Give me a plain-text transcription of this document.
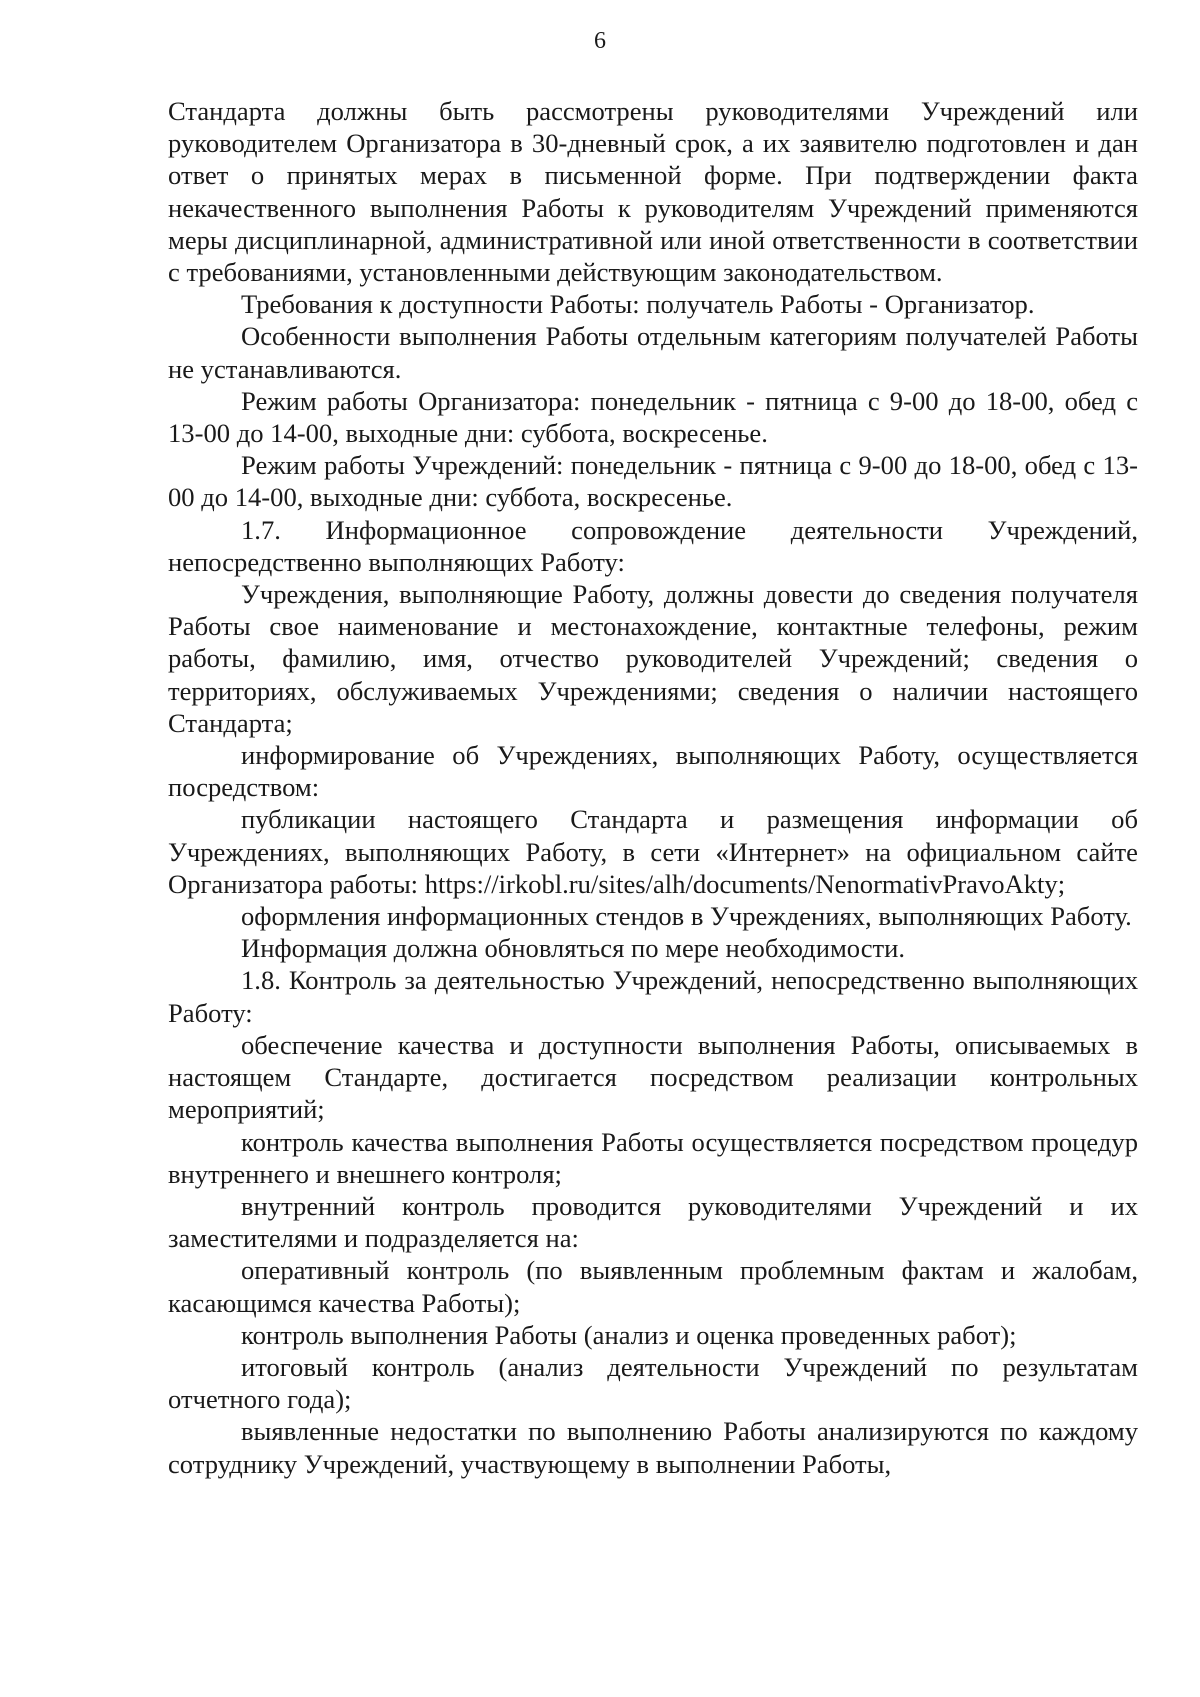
6

Стандарта должны быть рассмотрены руководителями Учреждений или руководителем Организатора в 30-дневный срок, а их заявителю подготовлен и дан ответ о принятых мерах в письменной форме. При подтверждении факта некачественного выполнения Работы к руководителям Учреждений применяются меры дисциплинарной, административной или иной ответственности в соответствии с требованиями, установленными действующим законодательством.

Требования к доступности Работы: получатель Работы - Организатор.

Особенности выполнения Работы отдельным категориям получателей Работы не устанавливаются.

Режим работы Организатора: понедельник - пятница с 9-00 до 18-00, обед с 13-00 до 14-00, выходные дни: суббота, воскресенье.

Режим работы Учреждений: понедельник - пятница с 9-00 до 18-00, обед с 13-00 до 14-00, выходные дни: суббота, воскресенье.

1.7. Информационное сопровождение деятельности Учреждений, непосредственно выполняющих Работу:

Учреждения, выполняющие Работу, должны довести до сведения получателя Работы свое наименование и местонахождение, контактные телефоны, режим работы, фамилию, имя, отчество руководителей Учреждений; сведения о территориях, обслуживаемых Учреждениями; сведения о наличии настоящего Стандарта;

информирование об Учреждениях, выполняющих Работу, осуществляется посредством:

публикации настоящего Стандарта и размещения информации об Учреждениях, выполняющих Работу, в сети «Интернет» на официальном сайте Организатора работы: https://irkobl.ru/sites/alh/documents/NenormativPravoAkty;

оформления информационных стендов в Учреждениях, выполняющих Работу.

Информация должна обновляться по мере необходимости.

1.8. Контроль за деятельностью Учреждений, непосредственно выполняющих Работу:

обеспечение качества и доступности выполнения Работы, описываемых в настоящем Стандарте, достигается посредством реализации контрольных мероприятий;

контроль качества выполнения Работы осуществляется посредством процедур внутреннего и внешнего контроля;

внутренний контроль проводится руководителями Учреждений и их заместителями и подразделяется на:

оперативный контроль (по выявленным проблемным фактам и жалобам, касающимся качества Работы);

контроль выполнения Работы (анализ и оценка проведенных работ);

итоговый контроль (анализ деятельности Учреждений по результатам отчетного года);

выявленные недостатки по выполнению Работы анализируются по каждому сотруднику Учреждений, участвующему в выполнении Работы,
